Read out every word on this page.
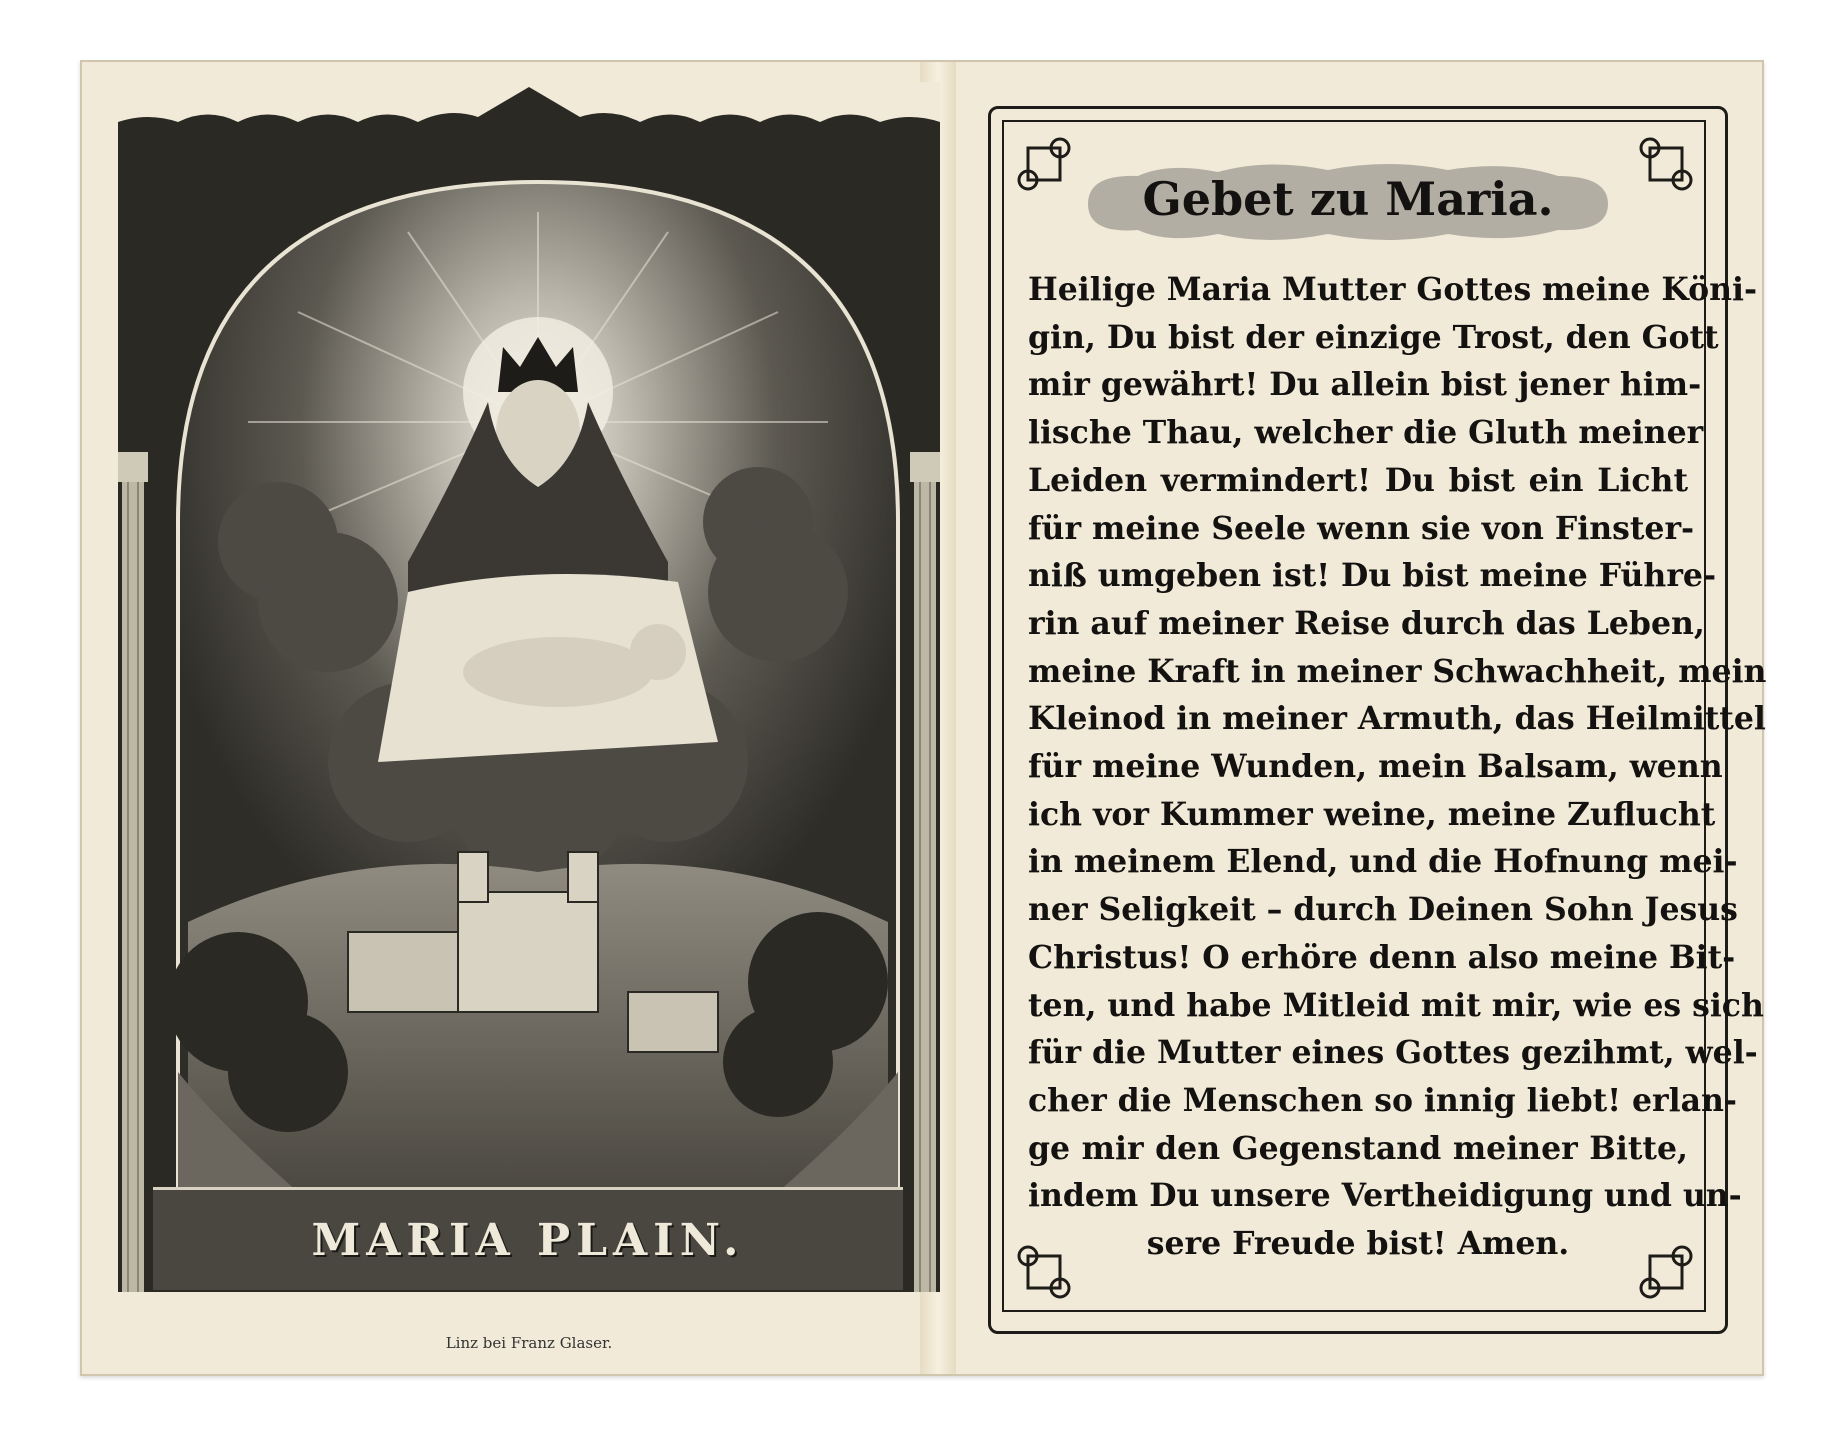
MARIA PLAIN.
Linz bei Franz Glaser.
Gebet zu Maria.
Heilige Maria Mutter Gottes meine Köni-
gin, Du bist der einzige Trost, den Gott
mir gewährt! Du allein bist jener him-
lische Thau, welcher die Gluth meiner
Leiden vermindert! Du bist ein Licht
für meine Seele wenn sie von Finster-
niß umgeben ist! Du bist meine Führe-
rin auf meiner Reise durch das Leben,
meine Kraft in meiner Schwachheit, mein
Kleinod in meiner Armuth, das Heilmittel
für meine Wunden, mein Balsam, wenn
ich vor Kummer weine, meine Zuflucht
in meinem Elend, und die Hofnung mei-
ner Seligkeit – durch Deinen Sohn Jesus
Christus! O erhöre denn also meine Bit-
ten, und habe Mitleid mit mir, wie es sich
für die Mutter eines Gottes gezihmt, wel-
cher die Menschen so innig liebt! erlan-
ge mir den Gegenstand meiner Bitte,
indem Du unsere Vertheidigung und un-
sere Freude bist! Amen.
